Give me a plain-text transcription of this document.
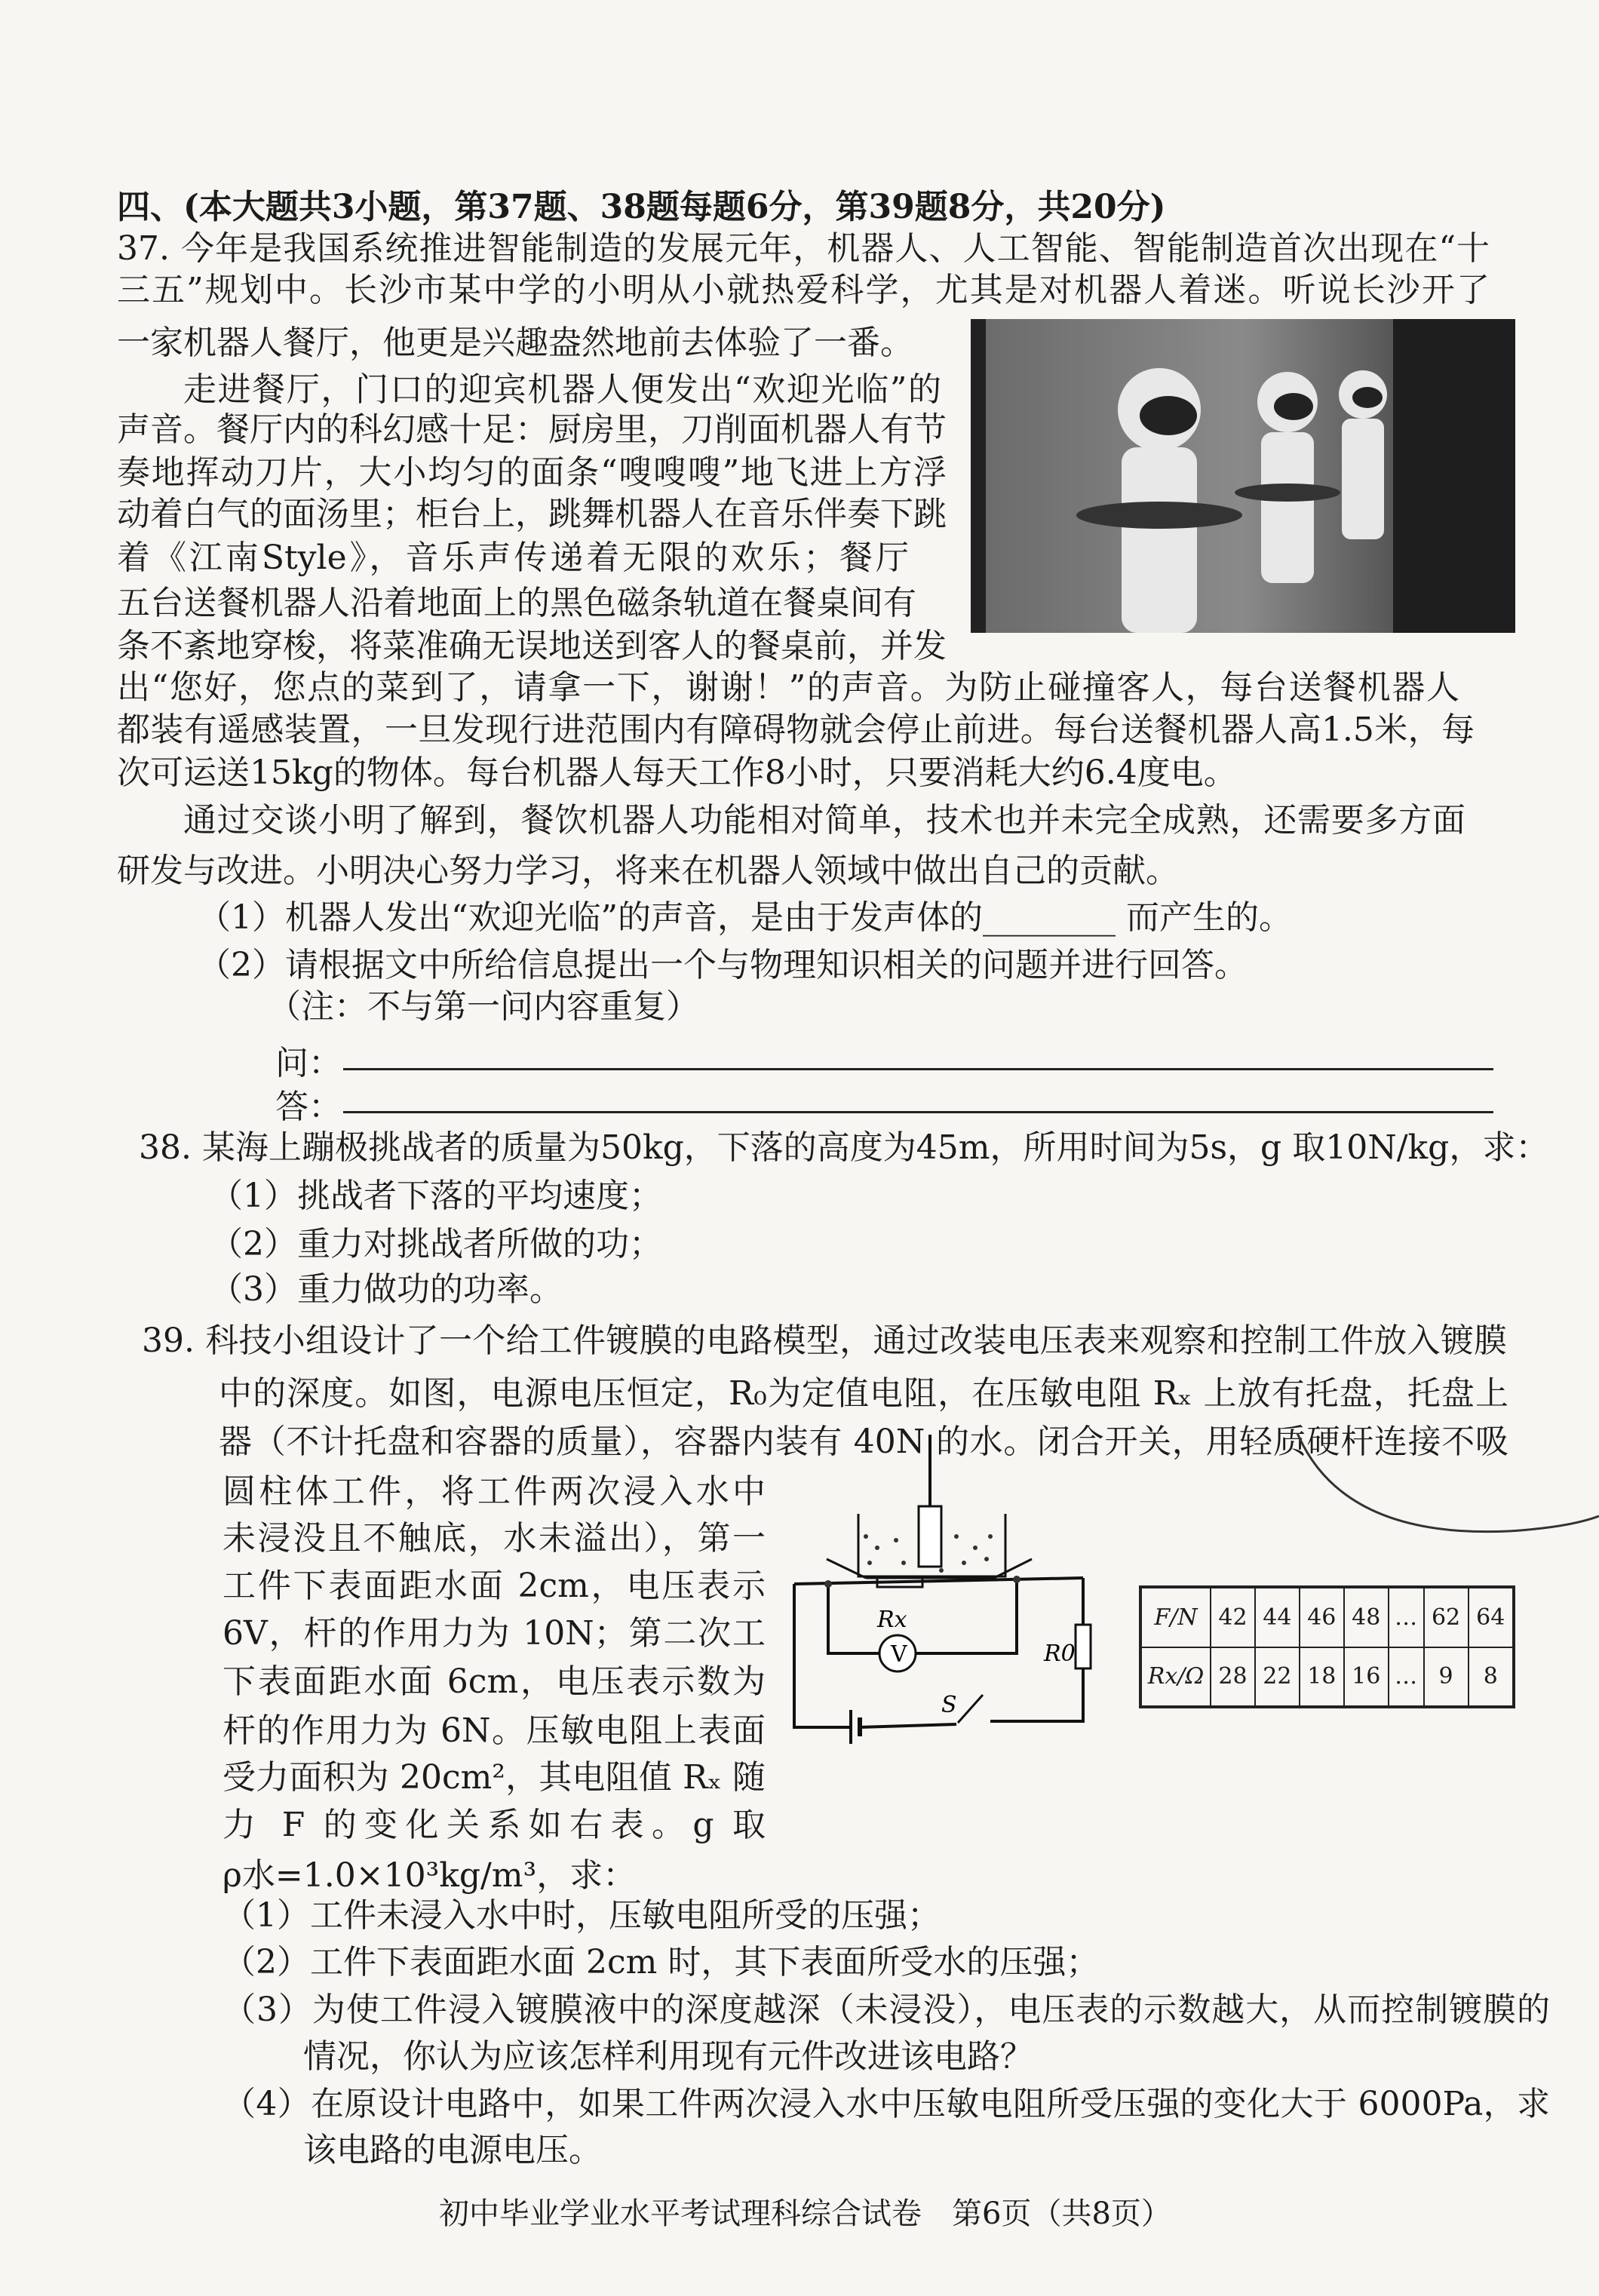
四、(本大题共3小题，第37题、38题每题6分，第39题8分，共20分)
37. 今年是我国系统推进智能制造的发展元年，机器人、人工智能、智能制造首次出现在“十
三五”规划中。长沙市某中学的小明从小就热爱科学，尤其是对机器人着迷。听说长沙开了
一家机器人餐厅，他更是兴趣盎然地前去体验了一番。
走进餐厅，门口的迎宾机器人便发出“欢迎光临”的
声音。餐厅内的科幻感十足：厨房里，刀削面机器人有节
奏地挥动刀片，大小均匀的面条“嗖嗖嗖”地飞进上方浮
动着白气的面汤里；柜台上，跳舞机器人在音乐伴奏下跳
着《江南Style》，音乐声传递着无限的欢乐；餐厅
五台送餐机器人沿着地面上的黑色磁条轨道在餐桌间有
条不紊地穿梭，将菜准确无误地送到客人的餐桌前，并发
出“您好，您点的菜到了，请拿一下，谢谢！”的声音。为防止碰撞客人，每台送餐机器人
都装有遥感装置，一旦发现行进范围内有障碍物就会停止前进。每台送餐机器人高1.5米，每
次可运送15kg的物体。每台机器人每天工作8小时，只要消耗大约6.4度电。
通过交谈小明了解到，餐饮机器人功能相对简单，技术也并未完全成熟，还需要多方面
研发与改进。小明决心努力学习，将来在机器人领域中做出自己的贡献。
（1）机器人发出“欢迎光临”的声音，是由于发声体的________ 而产生的。
（2）请根据文中所给信息提出一个与物理知识相关的问题并进行回答。
（注：不与第一问内容重复）
问：
答：
38. 某海上蹦极挑战者的质量为50kg，下落的高度为45m，所用时间为5s，g 取10N/kg，求：
（1）挑战者下落的平均速度；
（2）重力对挑战者所做的功；
（3）重力做功的功率。
39. 科技小组设计了一个给工件镀膜的电路模型，通过改装电压表来观察和控制工件放入镀膜
中的深度。如图，电源电压恒定，R₀为定值电阻，在压敏电阻 Rₓ 上放有托盘，托盘上
器（不计托盘和容器的质量），容器内装有 40N 的水。闭合开关，用轻质硬杆连接不吸
圆柱体工件，将工件两次浸入水中
未浸没且不触底，水未溢出），第一
工件下表面距水面 2cm，电压表示
6V，杆的作用力为 10N；第二次工
下表面距水面 6cm，电压表示数为
杆的作用力为 6N。压敏电阻上表面
受力面积为 20cm²，其电阻值 Rₓ 随
力 F 的变化关系如右表。g 取
ρ水=1.0×10³kg/m³，求：
（1）工件未浸入水中时，压敏电阻所受的压强；
（2）工件下表面距水面 2cm 时，其下表面所受水的压强；
（3）为使工件浸入镀膜液中的深度越深（未浸没），电压表的示数越大，从而控制镀膜的
情况，你认为应该怎样利用现有元件改进该电路？
（4）在原设计电路中，如果工件两次浸入水中压敏电阻所受压强的变化大于 6000Pa，求
该电路的电源电压。
Rx
V	R0
S
F/N	42	44	46	48	…	62	64
Rx/Ω	28	22	18	16	…	9	8
初中毕业学业水平考试理科综合试卷　第6页（共8页）
